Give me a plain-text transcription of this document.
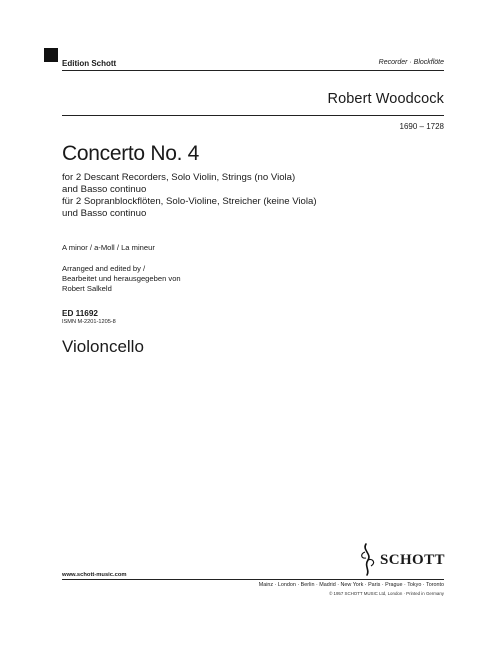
Edition Schott	Recorder · Blockflöte
Robert Woodcock
1690 – 1728
Concerto No. 4
for 2 Descant Recorders, Solo Violin, Strings (no Viola)
and Basso continuo
für 2 Sopranblockflöten, Solo-Violine, Streicher (keine Viola)
und Basso continuo
A minor / a-Moll / La mineur
Arranged and edited by /
Bearbeitet und herausgegeben von
Robert Salkeld
ED 11692
ISMN M-2201-1205-8
Violoncello
www.schott-music.com
SCHOTT
Mainz · London · Berlin · Madrid · New York · Paris · Prague · Tokyo · Toronto
© 1957 SCHOTT MUSIC Ltd, London · Printed in Germany
